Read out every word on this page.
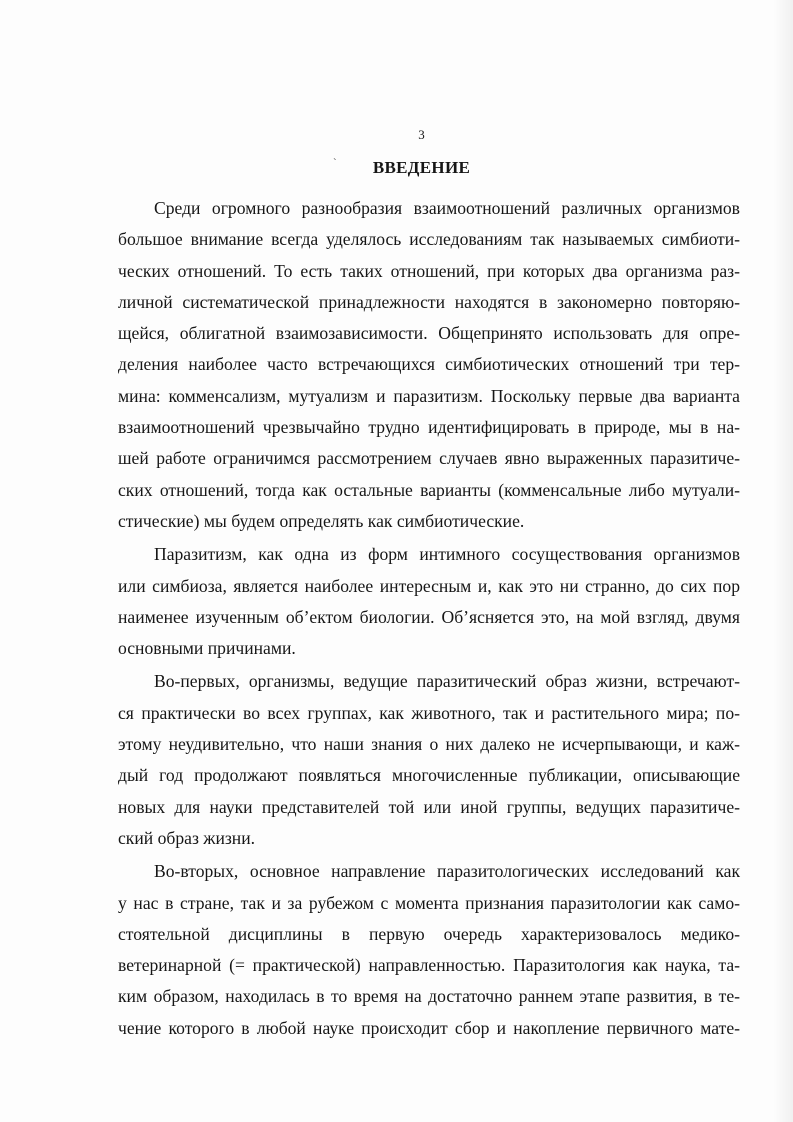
3
`	ВВЕДЕНИЕ
Среди огромного разнообразия взаимоотношений различных организмов
большое внимание всегда уделялось исследованиям так называемых симбиоти-
ческих отношений. То есть таких отношений, при которых два организма раз-
личной систематической принадлежности находятся в закономерно повторяю-
щейся, облигатной взаимозависимости. Общепринято использовать для опре-
деления наиболее часто встречающихся симбиотических отношений три тер-
мина: комменсализм, мутуализм и паразитизм. Поскольку первые два варианта
взаимоотношений чрезвычайно трудно идентифицировать в природе, мы в на-
шей работе ограничимся рассмотрением случаев явно выраженных паразитиче-
ских отношений, тогда как остальные варианты (комменсальные либо мутуали-
стические) мы будем определять как симбиотические.
Паразитизм, как одна из форм интимного сосуществования организмов
или симбиоза, является наиболее интересным и, как это ни странно, до сих пор
наименее изученным об’ектом биологии. Об’ясняется это, на мой взгляд, двумя
основными причинами.
Во-первых, организмы, ведущие паразитический образ жизни, встречают-
ся практически во всех группах, как животного, так и растительного мира; по-
этому неудивительно, что наши знания о них далеко не исчерпывающи, и каж-
дый год продолжают появляться многочисленные публикации, описывающие
новых для науки представителей той или иной группы, ведущих паразитиче-
ский образ жизни.
Во-вторых, основное направление паразитологических исследований как
у нас в стране, так и за рубежом с момента признания паразитологии как само-
стоятельной дисциплины в первую очередь характеризовалось медико-
ветеринарной (= практической) направленностью. Паразитология как наука, та-
ким образом, находилась в то время на достаточно раннем этапе развития, в те-
чение которого в любой науке происходит сбор и накопление первичного мате-
